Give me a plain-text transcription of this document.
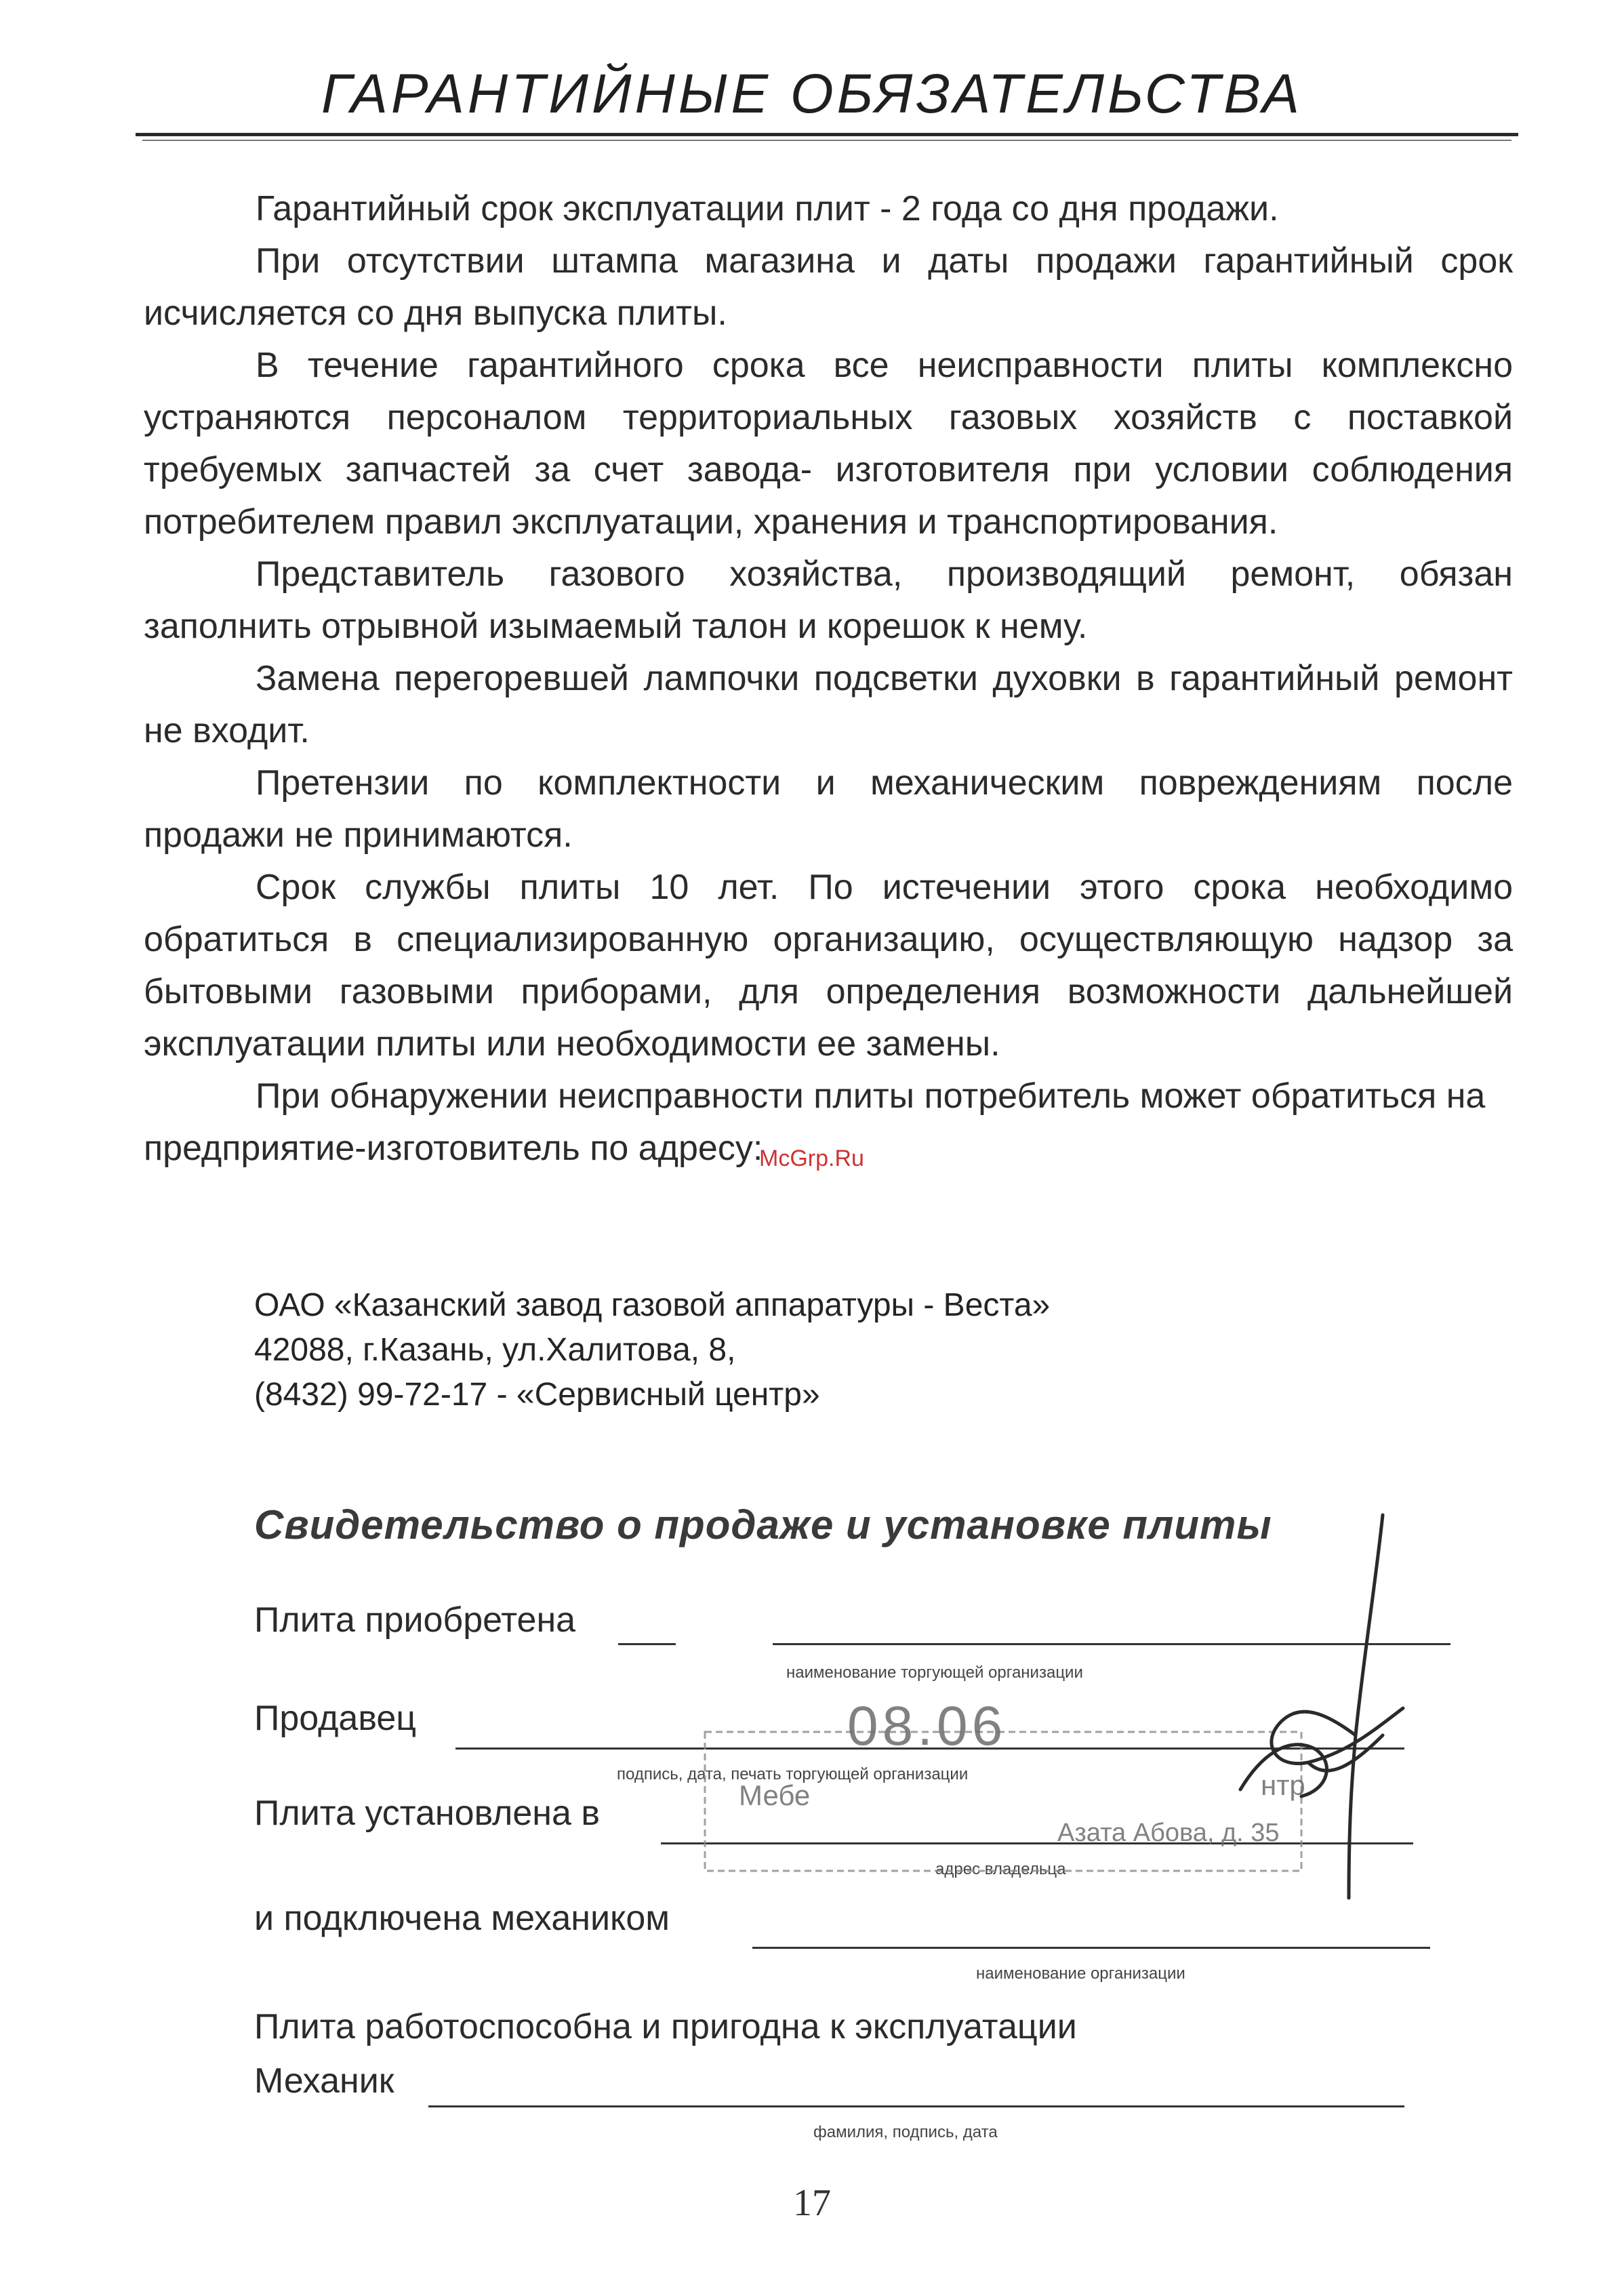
ГАРАНТИЙНЫЕ ОБЯЗАТЕЛЬСТВА

Гарантийный срок эксплуатации плит - 2 года со дня продажи.

При отсутствии штампа магазина и даты продажи гарантийный срок исчисляется со дня выпуска плиты.

В течение гарантийного срока все неисправности плиты комплексно устраняются персоналом территориальных газовых хозяйств с поставкой требуемых запчастей за счет завода- изготовителя при условии соблюдения потребителем правил эксплуатации, хранения и транспортирования.

Представитель газового хозяйства, производящий ремонт, обязан заполнить отрывной изымаемый талон и корешок к нему.

Замена перегоревшей лампочки подсветки духовки в гарантийный ремонт не входит.

Претензии по комплектности и механическим повреждениям после продажи не принимаются.

Срок службы плиты 10 лет. По истечении этого срока необходимо обратиться в специализированную организацию, осуществляющую надзор за бытовыми газовыми приборами, для определения возможности дальнейшей эксплуатации плиты или необходимости ее замены.

При обнаружении неисправности плиты потребитель может обратиться на предприятие-изготовитель по адресу:

ОАО «Казанский завод газовой аппаратуры - Веста»
42088, г.Казань, ул.Халитова, 8,
(8432) 99-72-17 - «Сервисный центр»
Свидетельство о продаже и установке плиты
Плита приобретена
наименование торгующей организации
Продавец
подпись, дата, печать торгующей организации
Плита установлена в
адрес владельца
и подключена механиком
наименование организации
Плита работоспособна и пригодна к эксплуатации
Механик
фамилия, подпись, дата
08.06
Мебе	нтр
Азата Абова, д. 35
McGrp.Ru
17
